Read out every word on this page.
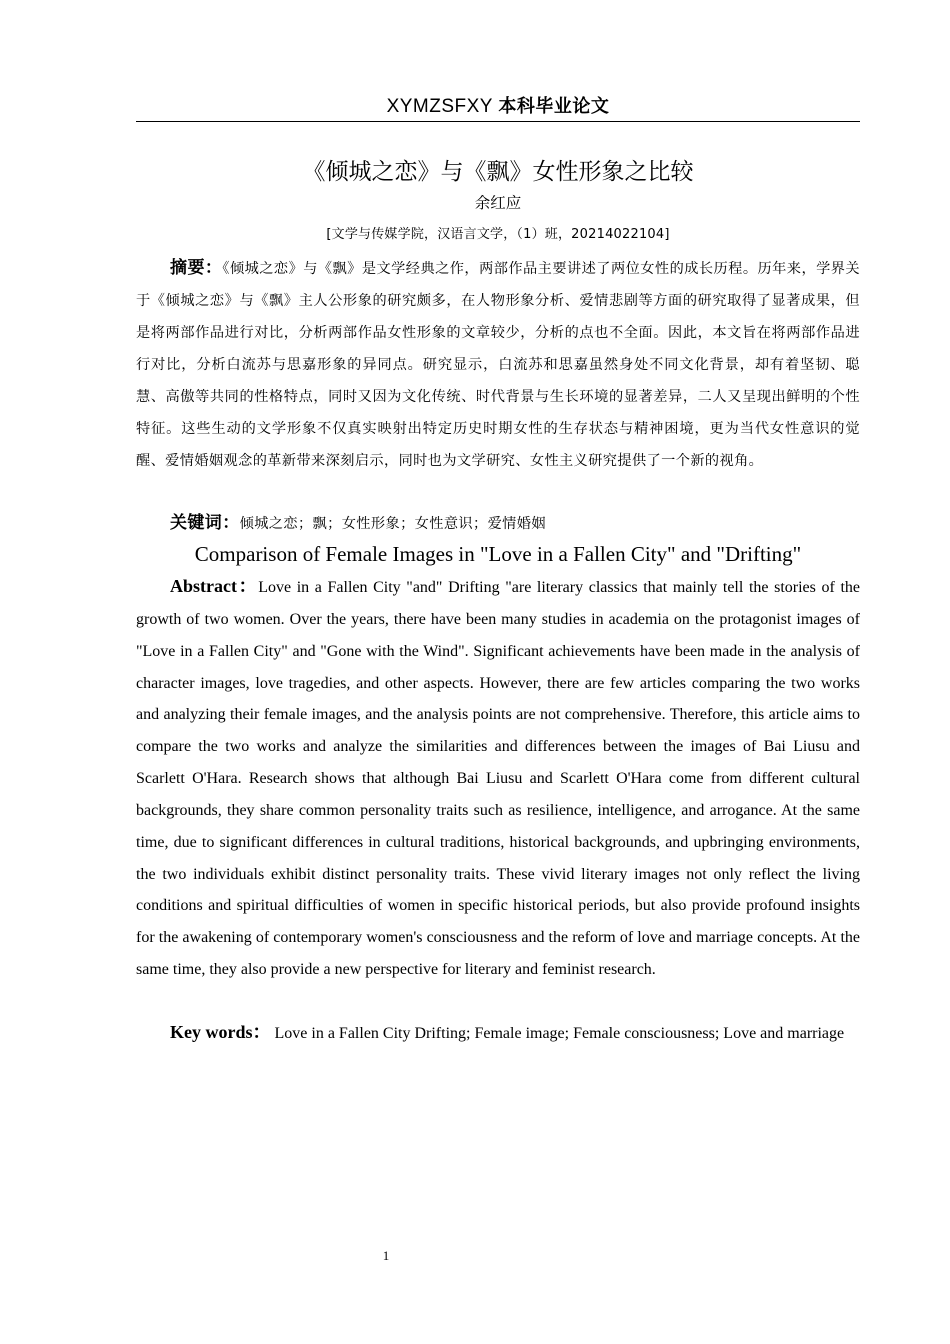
XYMZSFXY 本科毕业论文
《倾城之恋》与《飘》女性形象之比较
余红应
[文学与传媒学院，汉语言文学，（1）班，20214022104]
摘要：《倾城之恋》与《飘》是文学经典之作，两部作品主要讲述了两位女性的成长历程。历年来，学界关于《倾城之恋》与《飘》主人公形象的研究颇多，在人物形象分析、爱情悲剧等方面的研究取得了显著成果，但是将两部作品进行对比，分析两部作品女性形象的文章较少，分析的点也不全面。因此，本文旨在将两部作品进行对比，分析白流苏与思嘉形象的异同点。研究显示，白流苏和思嘉虽然身处不同文化背景，却有着坚韧、聪慧、高傲等共同的性格特点，同时又因为文化传统、时代背景与生长环境的显著差异，二人又呈现出鲜明的个性特征。这些生动的文学形象不仅真实映射出特定历史时期女性的生存状态与精神困境，更为当代女性意识的觉醒、爱情婚姻观念的革新带来深刻启示，同时也为文学研究、女性主义研究提供了一个新的视角。
关键词：倾城之恋；飘；女性形象；女性意识；爱情婚姻
Comparison of Female Images in "Love in a Fallen City" and "Drifting"
Abstract：Love in a Fallen City "and" Drifting "are literary classics that mainly tell the stories of the growth of two women. Over the years, there have been many studies in academia on the protagonist images of "Love in a Fallen City" and "Gone with the Wind". Significant achievements have been made in the analysis of character images, love tragedies, and other aspects. However, there are few articles comparing the two works and analyzing their female images, and the analysis points are not comprehensive. Therefore, this article aims to compare the two works and analyze the similarities and differences between the images of Bai Liusu and Scarlett O'Hara. Research shows that although Bai Liusu and Scarlett O'Hara come from different cultural backgrounds, they share common personality traits such as resilience, intelligence, and arrogance. At the same time, due to significant differences in cultural traditions, historical backgrounds, and upbringing environments, the two individuals exhibit distinct personality traits. These vivid literary images not only reflect the living conditions and spiritual difficulties of women in specific historical periods, but also provide profound insights for the awakening of contemporary women's consciousness and the reform of love and marriage concepts. At the same time, they also provide a new perspective for literary and feminist research.
Key words： Love in a Fallen City Drifting; Female image; Female consciousness; Love and marriage
1
